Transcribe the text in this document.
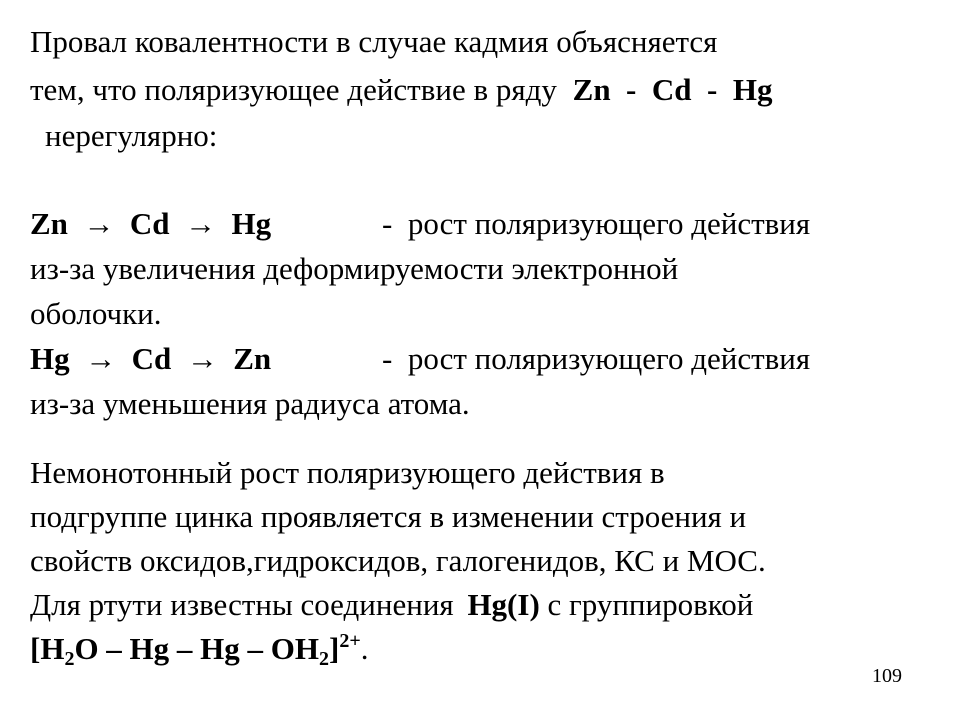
Провал ковалентности в случае кадмия объясняется
тем, что поляризующее действие в ряду Zn  -  Cd  -  Hg
нерегулярно:
Zn  →  Cd  →  Hg	-  рост поляризующего действия
из-за увеличения деформируемости электронной
оболочки.
Hg  →  Cd  →  Zn	-  рост поляризующего действия
из-за уменьшения радиуса атома.
Немонотонный рост поляризующего действия в
подгруппе цинка проявляется в изменении строения и
свойств оксидов,гидроксидов, галогенидов, КС и МОС.
Для ртути известны соединения Hg(I) с группировкой
[$H_2O$ – Hg – Hg – $OH_2]^{2+}$.
109
